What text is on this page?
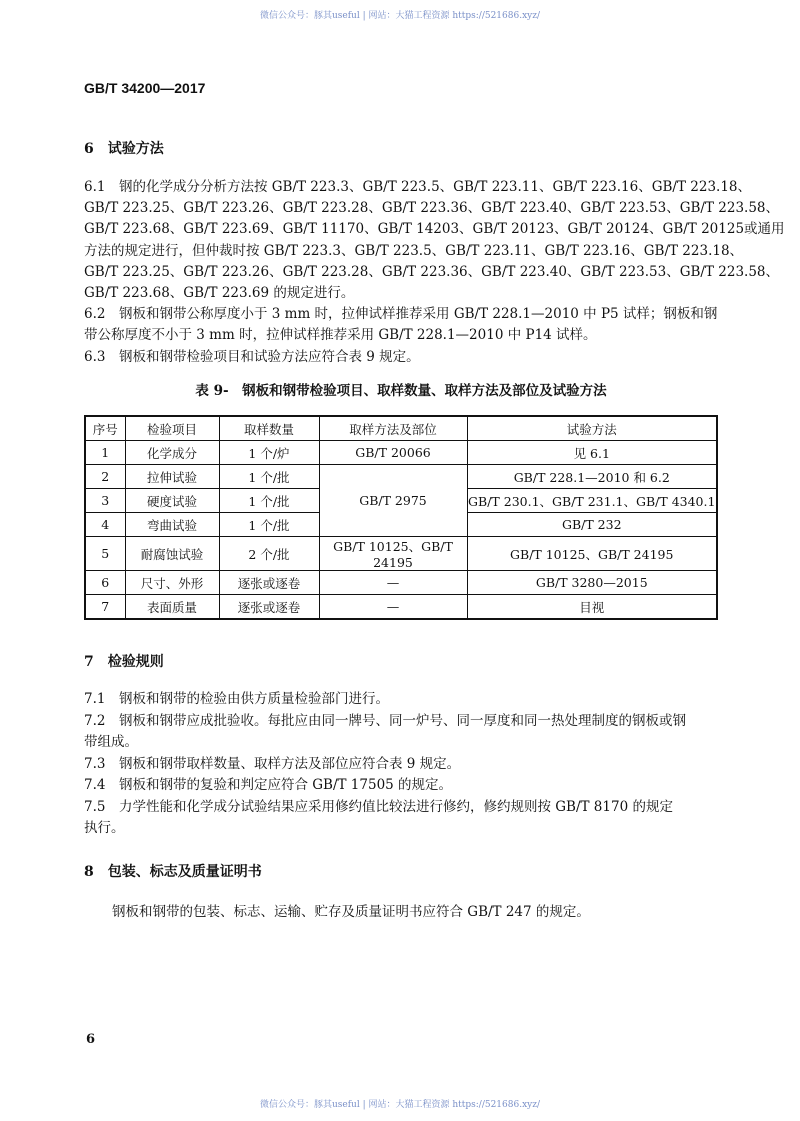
微信公众号：豚其useful | 网站：大猫工程资源 https://521686.xyz/
GB/T 34200—2017
6　试验方法
6.1　钢的化学成分分析方法按 GB/T 223.3、GB/T 223.5、GB/T 223.11、GB/T 223.16、GB/T 223.18、
GB/T 223.25、GB/T 223.26、GB/T 223.28、GB/T 223.36、GB/T 223.40、GB/T 223.53、GB/T 223.58、
GB/T 223.68、GB/T 223.69、GB/T 11170、GB/T 14203、GB/T 20123、GB/T 20124、GB/T 20125或通用
方法的规定进行，但仲裁时按 GB/T 223.3、GB/T 223.5、GB/T 223.11、GB/T 223.16、GB/T 223.18、
GB/T 223.25、GB/T 223.26、GB/T 223.28、GB/T 223.36、GB/T 223.40、GB/T 223.53、GB/T 223.58、
GB/T 223.68、GB/T 223.69 的规定进行。
6.2　钢板和钢带公称厚度小于 3 mm 时，拉伸试样推荐采用 GB/T 228.1—2010 中 P5 试样；钢板和钢
带公称厚度不小于 3 mm 时，拉伸试样推荐采用 GB/T 228.1—2010 中 P14 试样。
6.3　钢板和钢带检验项目和试验方法应符合表 9 规定。
表 9-　钢板和钢带检验项目、取样数量、取样方法及部位及试验方法
序号	检验项目	取样数量	取样方法及部位	试验方法
1	化学成分	1 个/炉	GB/T 20066	见 6.1
2	拉伸试验	1 个/批	GB/T 2975	GB/T 228.1—2010 和 6.2
3	硬度试验	1 个/批		GB/T 230.1、GB/T 231.1、GB/T 4340.1
4	弯曲试验	1 个/批		GB/T 232
5	耐腐蚀试验	2 个/批	GB/T 10125、GB/T 24195	GB/T 10125、GB/T 24195
6	尺寸、外形	逐张或逐卷	—	GB/T 3280—2015
7	表面质量	逐张或逐卷	—	目视
7　检验规则
7.1　钢板和钢带的检验由供方质量检验部门进行。
7.2　钢板和钢带应成批验收。每批应由同一牌号、同一炉号、同一厚度和同一热处理制度的钢板或钢
带组成。
7.3　钢板和钢带取样数量、取样方法及部位应符合表 9 规定。
7.4　钢板和钢带的复验和判定应符合 GB/T 17505 的规定。
7.5　力学性能和化学成分试验结果应采用修约值比较法进行修约，修约规则按 GB/T 8170 的规定
执行。
8　包装、标志及质量证明书
钢板和钢带的包装、标志、运输、贮存及质量证明书应符合 GB/T 247 的规定。
6
微信公众号：豚其useful | 网站：大猫工程资源 https://521686.xyz/
